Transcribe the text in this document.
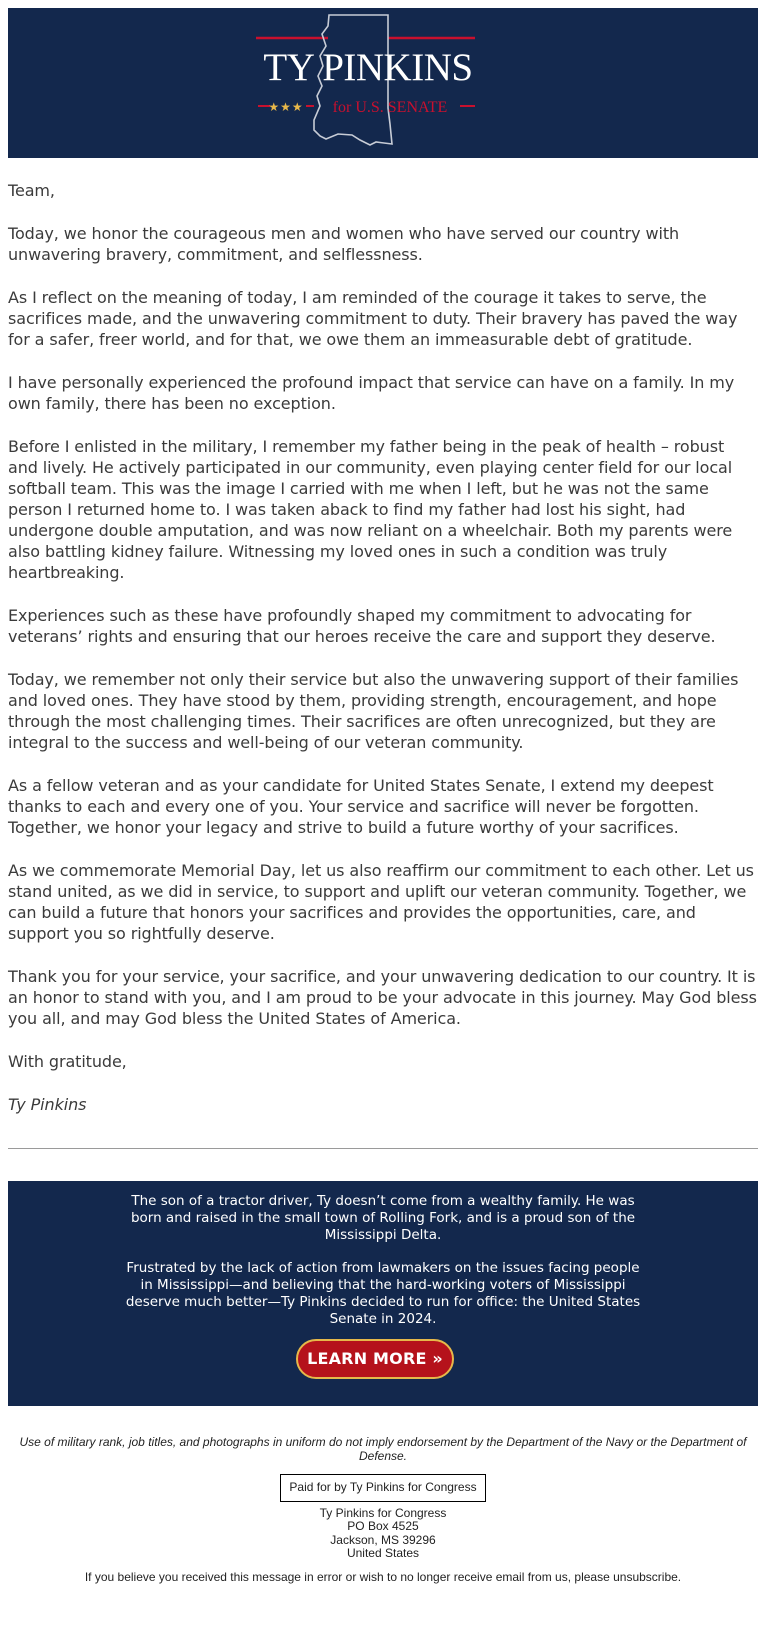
TY PINKINS
★★★ for U.S. SENATE

Team,

Today, we honor the courageous men and women who have served our country with unwavering bravery, commitment, and selflessness.

As I reflect on the meaning of today, I am reminded of the courage it takes to serve, the sacrifices made, and the unwavering commitment to duty. Their bravery has paved the way for a safer, freer world, and for that, we owe them an immeasurable debt of gratitude.

I have personally experienced the profound impact that service can have on a family. In my own family, there has been no exception.

Before I enlisted in the military, I remember my father being in the peak of health – robust and lively. He actively participated in our community, even playing center field for our local softball team. This was the image I carried with me when I left, but he was not the same person I returned home to. I was taken aback to find my father had lost his sight, had undergone double amputation, and was now reliant on a wheelchair. Both my parents were also battling kidney failure. Witnessing my loved ones in such a condition was truly heartbreaking.

Experiences such as these have profoundly shaped my commitment to advocating for veterans’ rights and ensuring that our heroes receive the care and support they deserve.

Today, we remember not only their service but also the unwavering support of their families and loved ones. They have stood by them, providing strength, encouragement, and hope through the most challenging times. Their sacrifices are often unrecognized, but they are integral to the success and well-being of our veteran community.

As a fellow veteran and as your candidate for United States Senate, I extend my deepest thanks to each and every one of you. Your service and sacrifice will never be forgotten. Together, we honor your legacy and strive to build a future worthy of your sacrifices.

As we commemorate Memorial Day, let us also reaffirm our commitment to each other. Let us stand united, as we did in service, to support and uplift our veteran community. Together, we can build a future that honors your sacrifices and provides the opportunities, care, and support you so rightfully deserve.

Thank you for your service, your sacrifice, and your unwavering dedication to our country. It is an honor to stand with you, and I am proud to be your advocate in this journey. May God bless you all, and may God bless the United States of America.

With gratitude,

Ty Pinkins

The son of a tractor driver, Ty doesn’t come from a wealthy family. He was born and raised in the small town of Rolling Fork, and is a proud son of the Mississippi Delta.

Frustrated by the lack of action from lawmakers on the issues facing people in Mississippi—and believing that the hard-working voters of Mississippi deserve much better—Ty Pinkins decided to run for office: the United States Senate in 2024.

LEARN MORE »
Use of military rank, job titles, and photographs in uniform do not imply endorsement by the Department of the Navy or the Department of Defense.
Paid for by Ty Pinkins for Congress
Ty Pinkins for Congress
PO Box 4525
Jackson, MS 39296
United States
If you believe you received this message in error or wish to no longer receive email from us, please unsubscribe.
